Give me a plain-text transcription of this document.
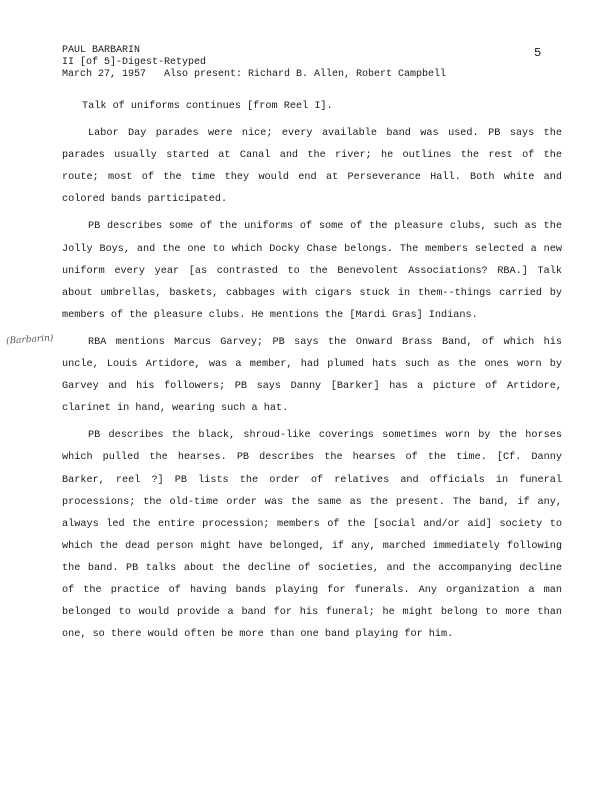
PAUL BARBARIN
II [of 5]-Digest-Retyped
March 27, 1957   Also present: Richard B. Allen, Robert Campbell
5
(Barbarin)

Talk of uniforms continues [from Reel I].

Labor Day parades were nice; every available band was used. PB says the parades usually started at Canal and the river; he outlines the rest of the route; most of the time they would end at Perseverance Hall. Both white and colored bands participated.

PB describes some of the uniforms of some of the pleasure clubs, such as the Jolly Boys, and the one to which Docky Chase belongs. The members selected a new uniform every year [as contrasted to the Benevolent Associations? RBA.] Talk about umbrellas, baskets, cabbages with cigars stuck in them--things carried by members of the pleasure clubs. He mentions the [Mardi Gras] Indians.

RBA mentions Marcus Garvey; PB says the Onward Brass Band, of which his uncle, Louis Artidore, was a member, had plumed hats such as the ones worn by Garvey and his followers; PB says Danny [Barker] has a picture of Artidore, clarinet in hand, wearing such a hat.

PB describes the black, shroud-like coverings sometimes worn by the horses which pulled the hearses. PB describes the hearses of the time. [Cf. Danny Barker, reel ?] PB lists the order of relatives and officials in funeral processions; the old-time order was the same as the present. The band, if any, always led the entire procession; members of the [social and/or aid] society to which the dead person might have belonged, if any, marched immediately following the band. PB talks about the decline of societies, and the accompanying decline of the practice of having bands playing for funerals. Any organization a man belonged to would provide a band for his funeral; he might belong to more than one, so there would often be more than one band playing for him.
